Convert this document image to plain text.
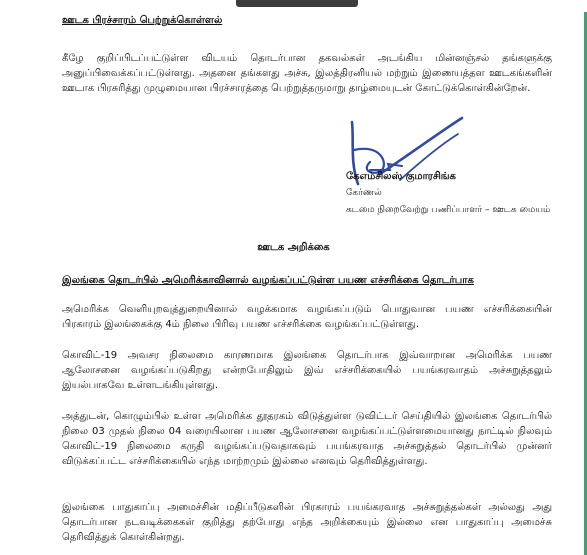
ஊடக பிரச்சாரம் பெற்றுக்கொள்ளல்

கீழே குறிப்பிடப்பட்டுள்ள விடயம் தொடர்பான தகவல்கள் அடங்கிய மின்னஞ்சல் தங்களுக்கு அனுப்பிவைக்கப்பட்டுள்ளது. அதனை தங்களது அச்சு, இலத்திரனியல் மற்றும் இணையத்தள ஊடகங்களின் ஊடாக பிரசுரித்து முழுமையான பிரச்சாரத்தை பெற்றுத்தருமாறு தாழ்மையுடன் கோட்டுக்கொள்கின்றேன்.

கேஎம்சிலஸ் குமாரசிங்க
கேர்ணல்
கடமை நிறைவேற்று பணிப்பாளர் – ஊடக மையம்
ஊடக அறிக்கை
இலங்கை தொடர்பில் அமெரிக்காவினால் வழங்கப்பட்டுள்ள பயண எச்சரிக்கை தொடர்பாக

அமெரிக்க வெளியுறவுத்துறையினால் வழக்கமாக வழங்கப்படும் பொதுவான பயண எச்சரிக்கையின் பிரகாரம் இலங்கைக்கு 4ம் நிலை பிரிவு பயண எச்சரிக்கை வழங்கப்பட்டுள்ளது.

கொவிட்-19 அவசர நிலைமை காரணமாக இலங்கை தொடர்பாக இவ்வாறான அமெரிக்க பயண ஆலோசனை வழங்கப்படுகிறது என்றபோதிலும் இவ் எச்சரிக்கையில் பயங்கரவாதம் அச்சுறுத்தலும் இயல்பாகவே உள்ளடங்கியுள்ளது.

அத்துடன், கொழும்பில் உள்ள அமெரிக்க தூதரகம் விடுத்துள்ள டுவிட்டர் செய்தியில் இலங்கை தொடர்பில் நிலை 03 முதல் நிலை 04 வரையிலான பயண ஆலோசனை வழங்கப்பட்டுள்ளமையானது நாட்டில் நிலவும் கொவிட்-19 நிலைமை கருதி வழங்கப்படுவதாகவும் பயங்கரவாத அச்சுறுத்தல் தொடர்பில் முன்னர் விடுக்கப்பட்ட எச்சரிக்கையில் எந்த மாற்றமும் இல்லை எனவும் தெரிவித்துள்ளது.

இலங்கை பாதுகாப்பு அமைச்சின் மதிப்பீடுகளின் பிரகாரம் பயங்கரவாத அச்சுறுத்தல்கள் அல்லது அது தொடர்பான நடவடிக்கைகள் குறித்து தற்போது எந்த அறிக்கையும் இல்லை என பாதுகாப்பு அமைச்சு தெரிவித்துக் கொள்கின்றது.
